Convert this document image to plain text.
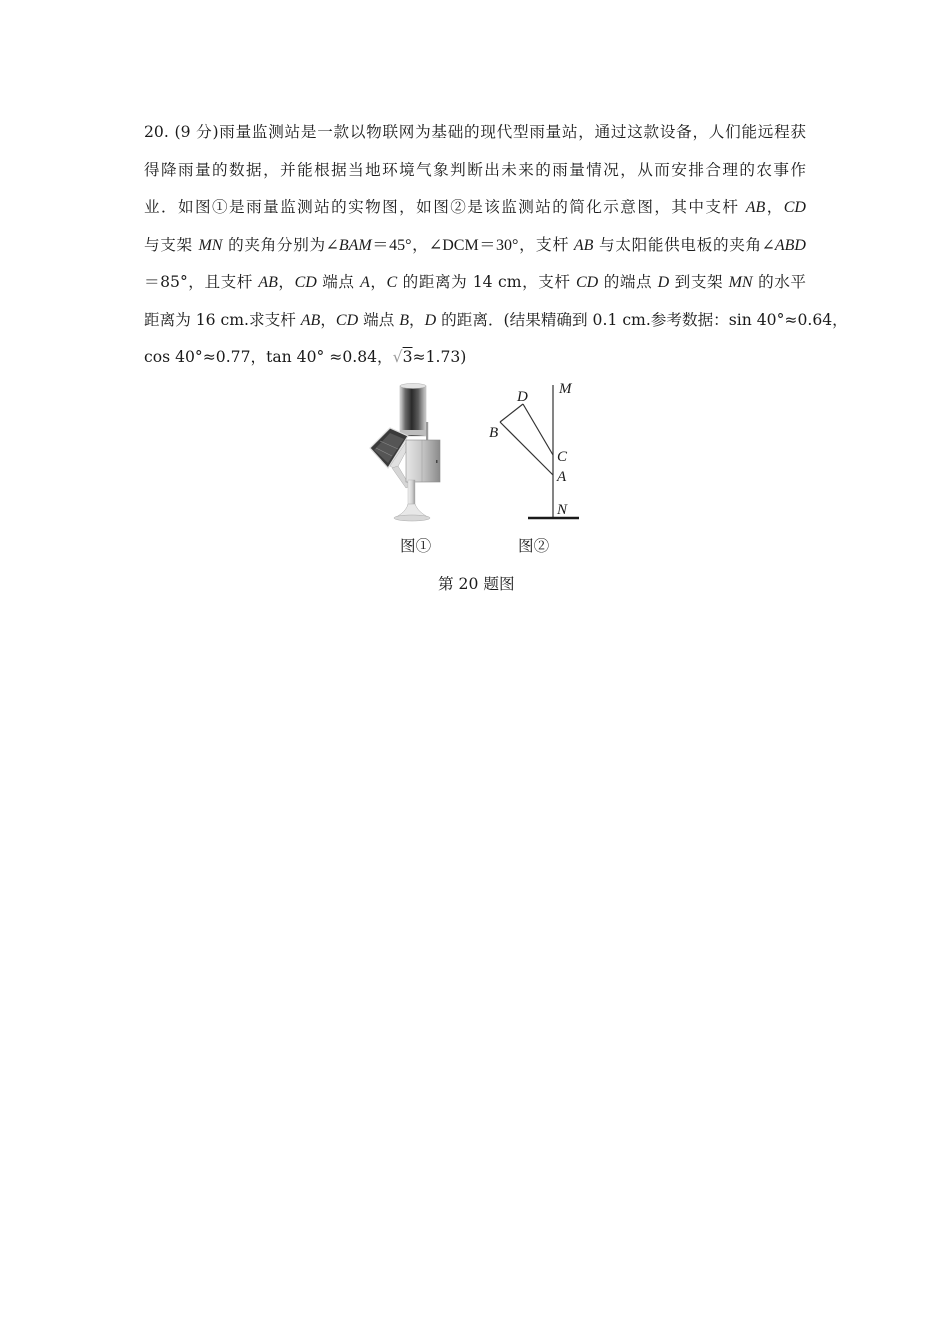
20. (9 分)雨量监测站是一款以物联网为基础的现代型雨量站，通过这款设备，人们能远程获
得降雨量的数据，并能根据当地环境气象判断出未来的雨量情况，从而安排合理的农事作
业．如图①是雨量监测站的实物图，如图②是该监测站的简化示意图，其中支杆 AB，CD
与支架 MN 的夹角分别为∠BAM＝45°，∠DCM＝30°，支杆 AB 与太阳能供电板的夹角∠ABD
＝85°，且支杆 AB，CD 端点 A，C 的距离为 14 cm，支杆 CD 的端点 D 到支架 MN 的水平
距离为 16 cm.求支杆 AB，CD 端点 B，D 的距离．(结果精确到 0.1 cm.参考数据：sin 40°≈0.64，
cos 40°≈0.77，tan 40° ≈0.84，√3≈1.73)
M
D
B
C
A
N
图①	图②
第 20 题图
